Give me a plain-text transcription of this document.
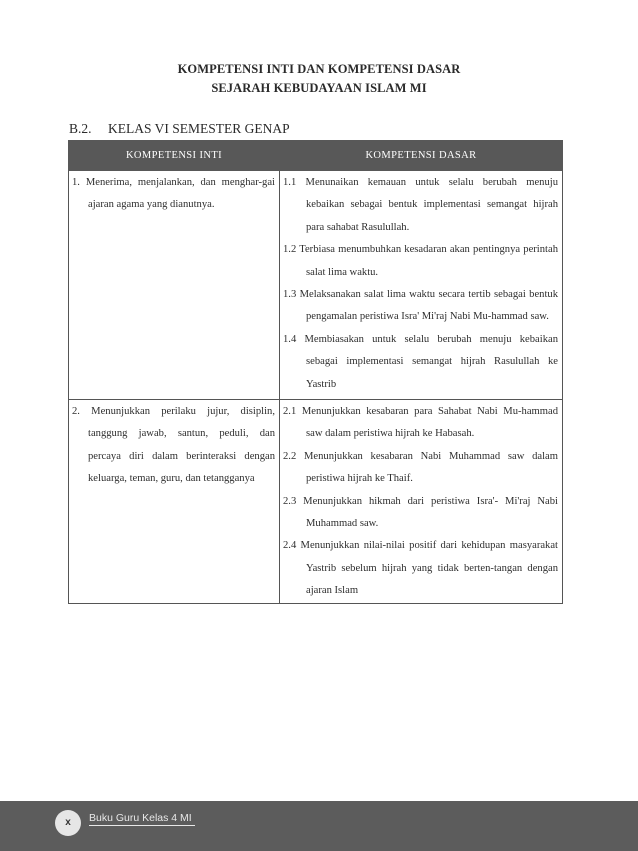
KOMPETENSI INTI DAN KOMPETENSI DASAR
SEJARAH KEBUDAYAAN ISLAM MI
B.2. KELAS VI SEMESTER GENAP
KOMPETENSI INTI	KOMPETENSI DASAR

1. Menerima, menjalankan, dan menghar-gai ajaran agama yang dianutnya.	1.1 Menunaikan kemauan untuk selalu berubah menuju kebaikan sebagai bentuk implementasi semangat hijrah para sahabat Rasulullah.
1.2 Terbiasa menumbuhkan kesadaran akan pentingnya perintah salat lima waktu.
1.3 Melaksanakan salat lima waktu secara tertib sebagai bentuk pengamalan peristiwa Isra' Mi'raj Nabi Mu-hammad saw.
1.4 Membiasakan untuk selalu berubah menuju kebaikan sebagai implementasi semangat hijrah Rasulullah ke Yastrib

2. Menunjukkan perilaku jujur, disiplin, tanggung jawab, santun, peduli, dan percaya diri dalam berinteraksi dengan keluarga, teman, guru, dan tetangganya	2.1 Menunjukkan kesabaran para Sahabat Nabi Mu-hammad saw dalam peristiwa hijrah ke Habasah.
2.2 Menunjukkan kesabaran Nabi Muhammad saw dalam peristiwa hijrah ke Thaif.
2.3 Menunjukkan hikmah dari peristiwa Isra'- Mi'raj Nabi Muhammad saw.
2.4 Menunjukkan nilai-nilai positif dari kehidupan masyarakat Yastrib sebelum hijrah yang tidak berten-tangan dengan ajaran Islam
x	Buku Guru Kelas 4 MI
